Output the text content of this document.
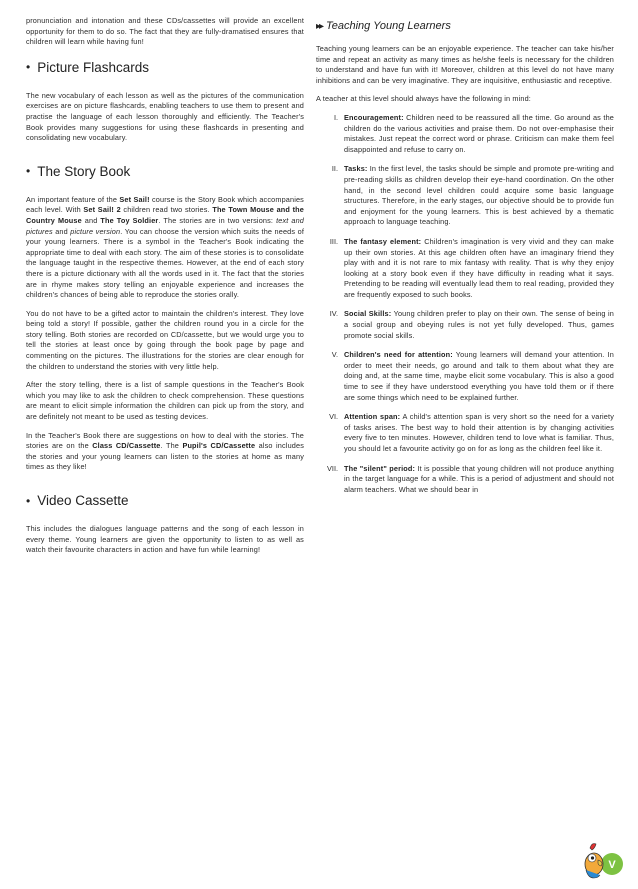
pronunciation and intonation and these CDs/cassettes will provide an excellent opportunity for them to do so. The fact that they are fully-dramatised ensures that children will learn while having fun!

• Picture Flashcards

The new vocabulary of each lesson as well as the pictures of the communication exercises are on picture flashcards, enabling teachers to use them to present and practise the language of each lesson thoroughly and efficiently. The Teacher's Book provides many suggestions for using these flashcards in presenting and consolidating new vocabulary.

• The Story Book

An important feature of the Set Sail! course is the Story Book which accompanies each level. With Set Sail! 2 children read two stories. The Town Mouse and the Country Mouse and The Toy Soldier. The stories are in two versions: text and pictures and picture version. You can choose the version which suits the needs of your young learners. There is a symbol in the Teacher's Book indicating the appropriate time to deal with each story. The aim of these stories is to consolidate the language taught in the respective themes. However, at the end of each story there is a picture dictionary with all the words used in it. The fact that the stories are in rhyme makes story telling an enjoyable experience and increases the children's chances of being able to reproduce the stories orally.

You do not have to be a gifted actor to maintain the children's interest. They love being told a story! If possible, gather the children round you in a circle for the story telling. Both stories are recorded on CD/cassette, but we would urge you to tell the stories at least once by going through the book page by page and commenting on the pictures. The illustrations for the stories are clear enough for the children to understand the stories with very little help.

After the story telling, there is a list of sample questions in the Teacher's Book which you may like to ask the children to check comprehension. These questions are meant to elicit simple information the children can pick up from the story, and are definitely not meant to be used as testing devices.

In the Teacher's Book there are suggestions on how to deal with the stories. The stories are on the Class CD/Cassette. The Pupil's CD/Cassette also includes the stories and your young learners can listen to the stories at home as many times as they like!

• Video Cassette

This includes the dialogues language patterns and the song of each lesson in every theme. Young learners are given the opportunity to listen to as well as watch their favourite characters in action and have fun while learning!

▸▸ Teaching Young Learners

Teaching young learners can be an enjoyable experience. The teacher can take his/her time and repeat an activity as many times as he/she feels is necessary for the children to understand and have fun with it! Moreover, children at this level do not have many inhibitions and can be very imaginative. They are inquisitive, enthusiastic and receptive.

A teacher at this level should always have the following in mind:

I. Encouragement: Children need to be reassured all the time. Go around as the children do the various activities and praise them. Do not over-emphasise their mistakes. Just repeat the correct word or phrase. Criticism can make them feel disappointed and refuse to carry on.
II. Tasks: In the first level, the tasks should be simple and promote pre-writing and pre-reading skills as children develop their eye-hand coordination. On the other hand, in the second level children could acquire some basic language structures. Therefore, in the early stages, our objective should be to provide fun and enjoyment for the young learners. This is best achieved by a thematic approach to language teaching.
III. The fantasy element: Children's imagination is very vivid and they can make up their own stories. At this age children often have an imaginary friend they play with and it is not rare to mix fantasy with reality. That is why they enjoy looking at a story book even if they have difficulty in reading what it says. Pretending to be reading will eventually lead them to real reading, provided they are frequently exposed to such books.
IV. Social Skills: Young children prefer to play on their own. The sense of being in a social group and obeying rules is not yet fully developed. Thus, games promote social skills.
V. Children's need for attention: Young learners will demand your attention. In order to meet their needs, go around and talk to them about what they are doing and, at the same time, maybe elicit some vocabulary. This is also a good time to see if they have understood everything you have told them or if there are some things which need to be explained further.
VI. Attention span: A child's attention span is very short so the need for a variety of tasks arises. The best way to hold their attention is by changing activities every five to ten minutes. However, children tend to love what is familiar. Thus, you should let a favourite activity go on for as long as the children feel like it.
VII. The "silent" period: It is possible that young children will not produce anything in the target language for a while. This is a period of adjustment and should not alarm teachers. What we should bear in
V
